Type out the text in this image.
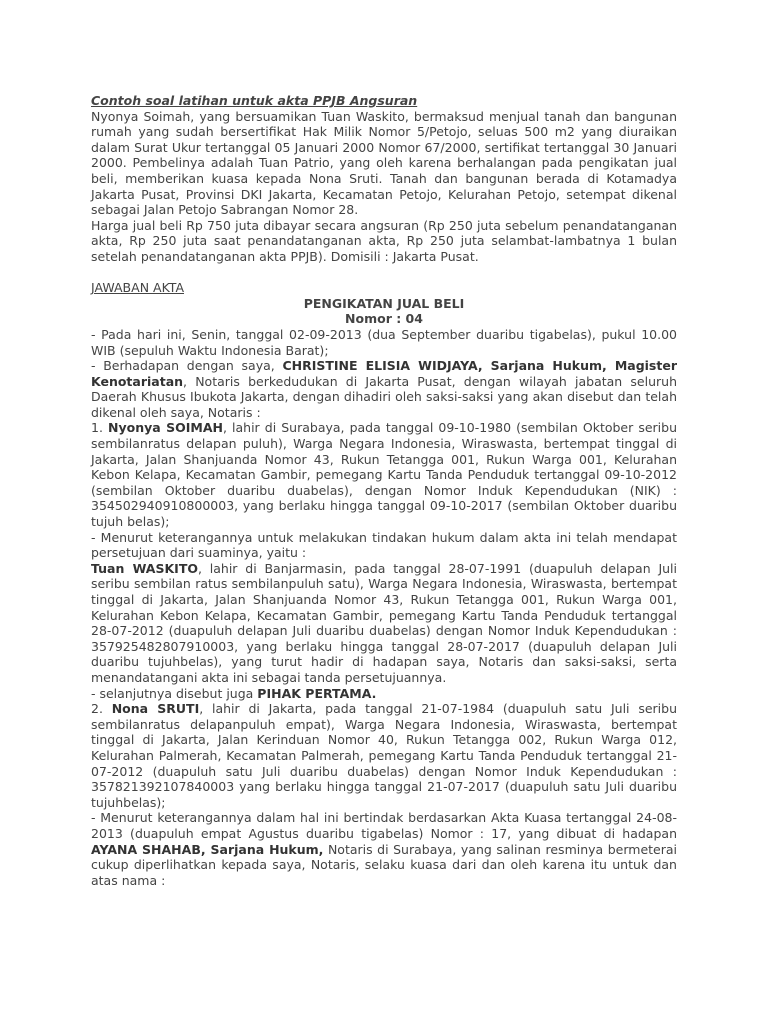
Contoh soal latihan untuk akta PPJB Angsuran

Nyonya Soimah, yang bersuamikan Tuan Waskito, bermaksud menjual tanah dan bangunan rumah yang sudah bersertifikat Hak Milik Nomor 5/Petojo, seluas 500 m2 yang diuraikan dalam Surat Ukur tertanggal 05 Januari 2000 Nomor 67/2000, sertifikat tertanggal 30 Januari 2000. Pembelinya adalah Tuan Patrio, yang oleh karena berhalangan pada pengikatan jual beli, memberikan kuasa kepada Nona Sruti. Tanah dan bangunan berada di Kotamadya Jakarta Pusat, Provinsi DKI Jakarta, Kecamatan Petojo, Kelurahan Petojo, setempat dikenal sebagai Jalan Petojo Sabrangan Nomor 28.

Harga jual beli Rp 750 juta dibayar secara angsuran (Rp 250 juta sebelum penandatanganan akta, Rp 250 juta saat penandatanganan akta, Rp 250 juta selambat-lambatnya 1 bulan setelah penandatanganan akta PPJB). Domisili : Jakarta Pusat.

JAWABAN AKTA

PENGIKATAN JUAL BELI

Nomor : 04

- Pada hari ini, Senin, tanggal 02-09-2013 (dua September duaribu tigabelas), pukul 10.00 WIB (sepuluh Waktu Indonesia Barat);

- Berhadapan dengan saya, CHRISTINE ELISIA WIDJAYA, Sarjana Hukum, Magister Kenotariatan, Notaris berkedudukan di Jakarta Pusat, dengan wilayah jabatan seluruh Daerah Khusus Ibukota Jakarta, dengan dihadiri oleh saksi-saksi yang akan disebut dan telah dikenal oleh saya, Notaris :

1. Nyonya SOIMAH, lahir di Surabaya, pada tanggal 09-10-1980 (sembilan Oktober seribu sembilanratus delapan puluh), Warga Negara Indonesia, Wiraswasta, bertempat tinggal di Jakarta, Jalan Shanjuanda Nomor 43, Rukun Tetangga 001, Rukun Warga 001, Kelurahan Kebon Kelapa, Kecamatan Gambir, pemegang Kartu Tanda Penduduk tertanggal 09-10-2012 (sembilan Oktober duaribu duabelas), dengan Nomor Induk Kependudukan (NIK) : 354502940910800003, yang berlaku hingga tanggal 09-10-2017 (sembilan Oktober duaribu tujuh belas);

- Menurut keterangannya untuk melakukan tindakan hukum dalam akta ini telah mendapat persetujuan dari suaminya, yaitu :

Tuan WASKITO, lahir di Banjarmasin, pada tanggal 28-07-1991 (duapuluh delapan Juli seribu sembilan ratus sembilanpuluh satu), Warga Negara Indonesia, Wiraswasta, bertempat tinggal di Jakarta, Jalan Shanjuanda Nomor 43, Rukun Tetangga 001, Rukun Warga 001, Kelurahan Kebon Kelapa, Kecamatan Gambir, pemegang Kartu Tanda Penduduk tertanggal 28-07-2012 (duapuluh delapan Juli duaribu duabelas) dengan Nomor Induk Kependudukan : 357925482807910003, yang berlaku hingga tanggal 28-07-2017 (duapuluh delapan Juli duaribu tujuhbelas), yang turut hadir di hadapan saya, Notaris dan saksi-saksi, serta menandatangani akta ini sebagai tanda persetujuannya.

- selanjutnya disebut juga PIHAK PERTAMA.

2. Nona SRUTI, lahir di Jakarta, pada tanggal 21-07-1984 (duapuluh satu Juli seribu sembilanratus delapanpuluh empat), Warga Negara Indonesia, Wiraswasta, bertempat tinggal di Jakarta, Jalan Kerinduan Nomor 40, Rukun Tetangga 002, Rukun Warga 012, Kelurahan Palmerah, Kecamatan Palmerah, pemegang Kartu Tanda Penduduk tertanggal 21-07-2012 (duapuluh satu Juli duaribu duabelas) dengan Nomor Induk Kependudukan : 357821392107840003 yang berlaku hingga tanggal 21-07-2017 (duapuluh satu Juli duaribu tujuhbelas);

- Menurut keterangannya dalam hal ini bertindak berdasarkan Akta Kuasa tertanggal 24-08-2013 (duapuluh empat Agustus duaribu tigabelas) Nomor : 17, yang dibuat di hadapan AYANA SHAHAB, Sarjana Hukum, Notaris di Surabaya, yang salinan resminya bermeterai cukup diperlihatkan kepada saya, Notaris, selaku kuasa dari dan oleh karena itu untuk dan atas nama :
